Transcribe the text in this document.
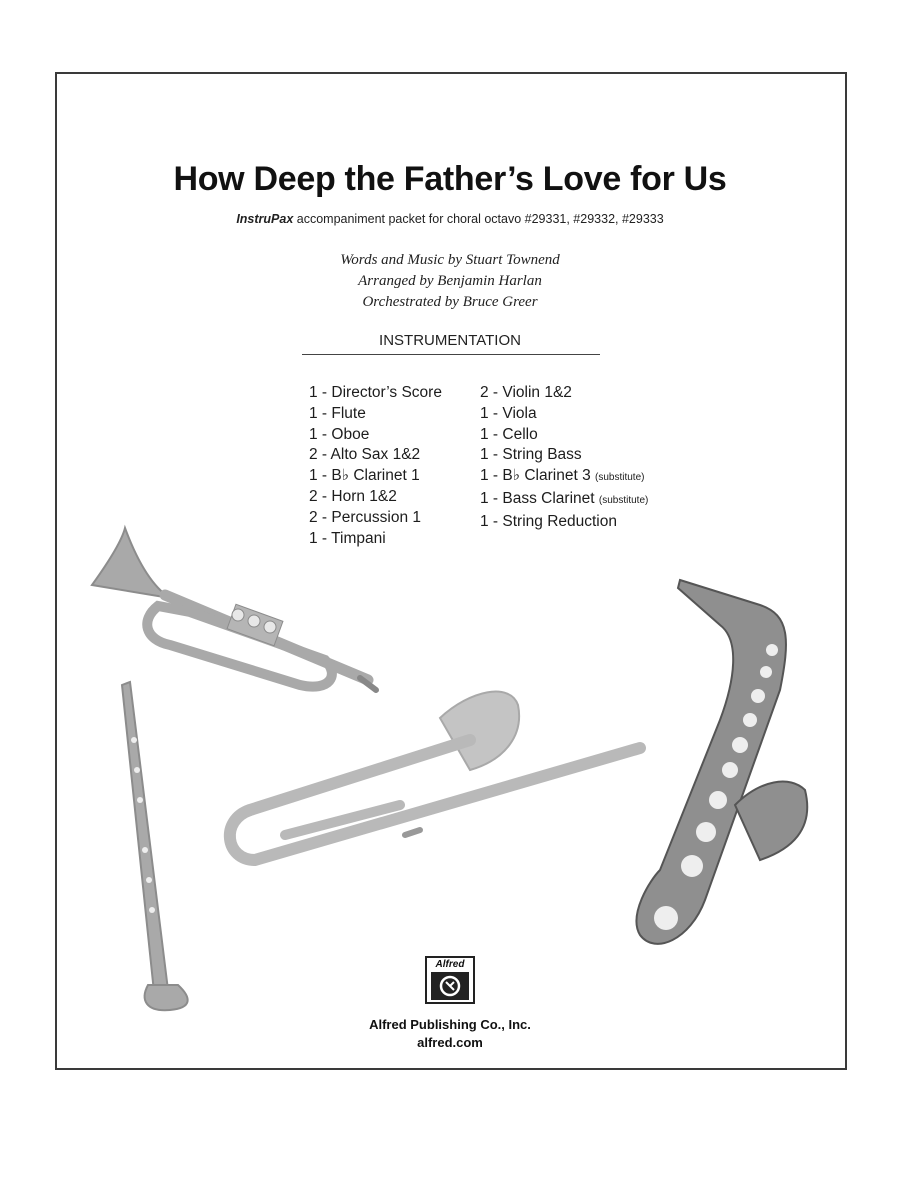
How Deep the Father’s Love for Us
InstruPax accompaniment packet for choral octavo #29331, #29332, #29333
Words and Music by Stuart Townend
Arranged by Benjamin Harlan
Orchestrated by Bruce Greer
INSTRUMENTATION
1 - Director’s Score
1 - Flute
1 - Oboe
2 - Alto Sax 1&2
1 - B♭ Clarinet 1
2 - Horn 1&2
2 - Percussion 1
1 - Timpani
2 - Violin 1&2
1 - Viola
1 - Cello
1 - String Bass
1 - B♭ Clarinet 3 (substitute)
1 - Bass Clarinet (substitute)
1 - String Reduction
Alfred
Alfred Publishing Co., Inc.
alfred.com
